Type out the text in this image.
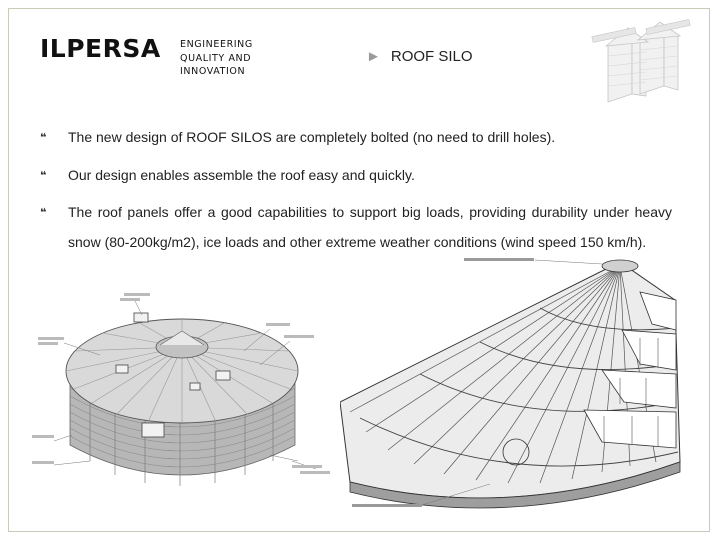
ILPERSA ENGINEERING
QUALITY AND
INNOVATION
► ROOF SILO
❝ The new design of ROOF SILOS are completely bolted (no need to drill holes).
❝ Our design enables assemble the roof easy and quickly.
❝ The roof panels offer a good capabilities to support big loads, providing durability under heavy snow (80-200kg/m2), ice loads and other extreme weather conditions (wind speed 150 km/h).
